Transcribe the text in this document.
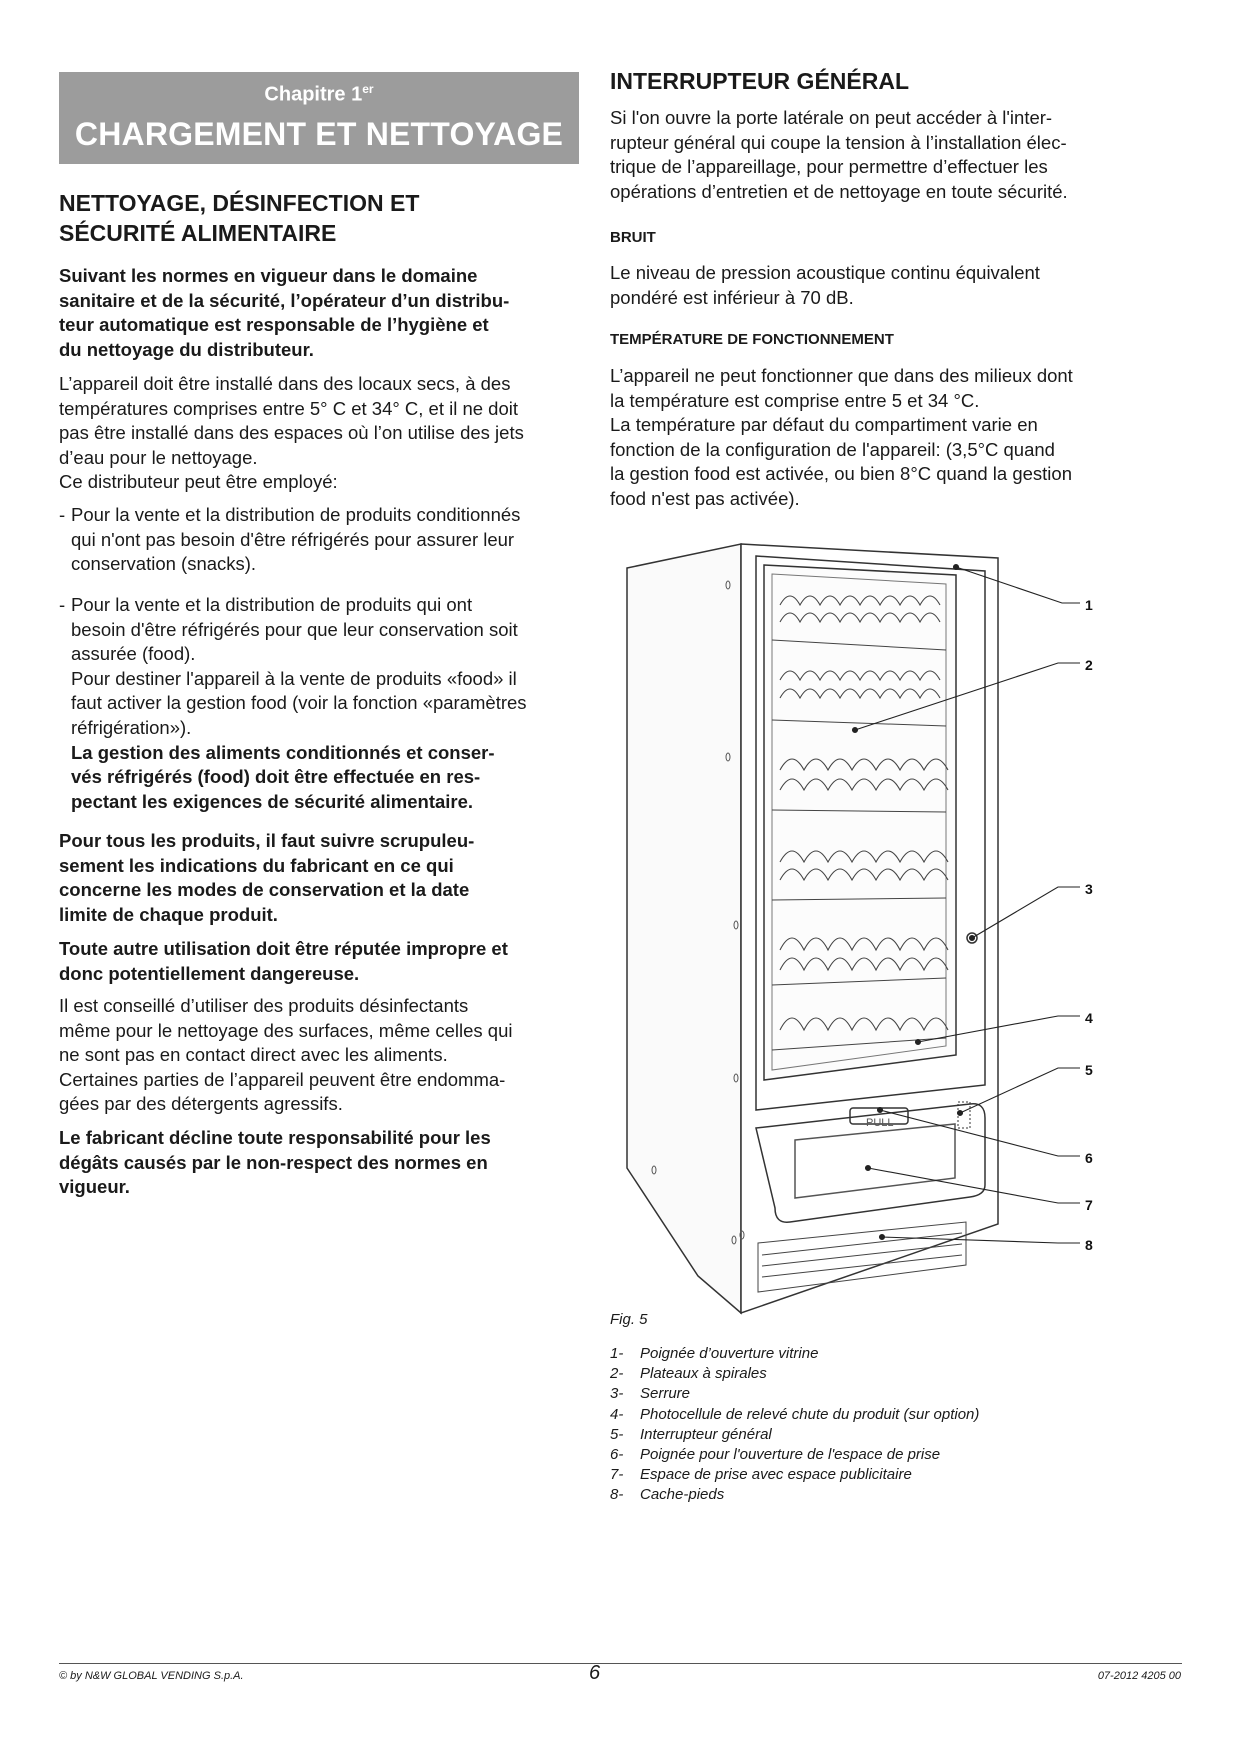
Chapitre 1er
CHARGEMENT ET NETTOYAGE
NETTOYAGE, DÉSINFECTION ET
SÉCURITÉ ALIMENTAIRE

Suivant les normes en vigueur dans le domaine
sanitaire et de la sécurité, l’opérateur d’un distribu-
teur automatique est responsable de l’hygiène et
du nettoyage du distributeur.

L’appareil doit être installé dans des locaux secs, à des
températures comprises entre 5° C et 34° C, et il ne doit
pas être installé dans des espaces où l’on utilise des jets
d’eau pour le nettoyage.
Ce distributeur peut être employé:

- Pour la vente et la distribution de produits conditionnés
qui n'ont pas besoin d'être réfrigérés pour assurer leur
conservation (snacks).

- Pour la vente et la distribution de produits qui ont
besoin d'être réfrigérés pour que leur conservation soit
assurée (food).
Pour destiner l'appareil à la vente de produits «food» il
faut activer la gestion food (voir la fonction «paramètres
réfrigération»).
La gestion des aliments conditionnés et conser-
vés réfrigérés (food) doit être effectuée en res-
pectant les exigences de sécurité alimentaire.

Pour tous les produits, il faut suivre scrupuleu-
sement les indications du fabricant en ce qui
concerne les modes de conservation et la date
limite de chaque produit.

Toute autre utilisation doit être réputée impropre et
donc potentiellement dangereuse.

Il est conseillé d’utiliser des produits désinfectants
même pour le nettoyage des surfaces, même celles qui
ne sont pas en contact direct avec les aliments.
Certaines parties de l’appareil peuvent être endomma-
gées par des détergents agressifs.

Le fabricant décline toute responsabilité pour les
dégâts causés par le non-respect des normes en
vigueur.

INTERRUPTEUR GÉNÉRAL

Si l'on ouvre la porte latérale on peut accéder à l'inter-
rupteur général qui coupe la tension à l’installation élec-
trique de l’appareillage, pour permettre d’effectuer les
opérations d’entretien et de nettoyage en toute sécurité.

BRUIT

Le niveau de pression acoustique continu équivalent
pondéré est inférieur à 70 dB.

TEMPÉRATURE DE FONCTIONNEMENT

L’appareil ne peut fonctionner que dans des milieux dont
la température est comprise entre 5 et 34 °C.
La température par défaut du compartiment varie en
fonction de la configuration de l'appareil: (3,5°C quand
la gestion food est activée, ou bien 8°C quand la gestion
food n'est pas activée).

PULL
1
2
3
4
5
6
7
8
Fig. 5
1- Poignée d’ouverture vitrine
2- Plateaux à spirales
3- Serrure
4- Photocellule de relevé chute du produit (sur option)
5- Interrupteur général
6- Poignée pour l'ouverture de l'espace de prise
7- Espace de prise avec espace publicitaire
8- Cache-pieds
© by N&W GLOBAL VENDING S.p.A.	6	07-2012 4205 00
